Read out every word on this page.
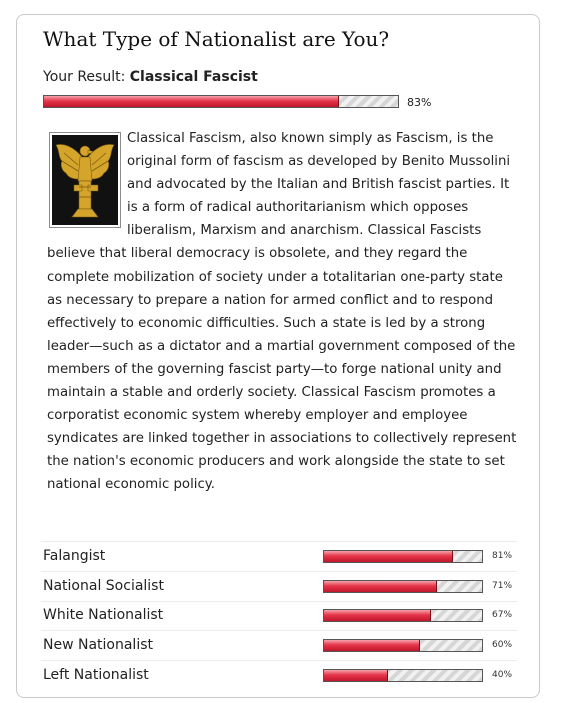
What Type of Nationalist are You?
Your Result: Classical Fascist
83%

Classical Fascism, also known simply as Fascism, is the original form of fascism as developed by Benito Mussolini and advocated by the Italian and British fascist parties. It is a form of radical authoritarianism which opposes liberalism, Marxism and anarchism. Classical Fascists believe that liberal democracy is obsolete, and they regard the complete mobilization of society under a totalitarian one-party state as necessary to prepare a nation for armed conflict and to respond effectively to economic difficulties. Such a state is led by a strong leader—such as a dictator and a martial government composed of the members of the governing fascist party—to forge national unity and maintain a stable and orderly society. Classical Fascism promotes a corporatist economic system whereby employer and employee syndicates are linked together in associations to collectively represent the nation's economic producers and work alongside the state to set national economic policy.

Falangist	81%
National Socialist	71%
White Nationalist	67%
New Nationalist	60%
Left Nationalist	40%
